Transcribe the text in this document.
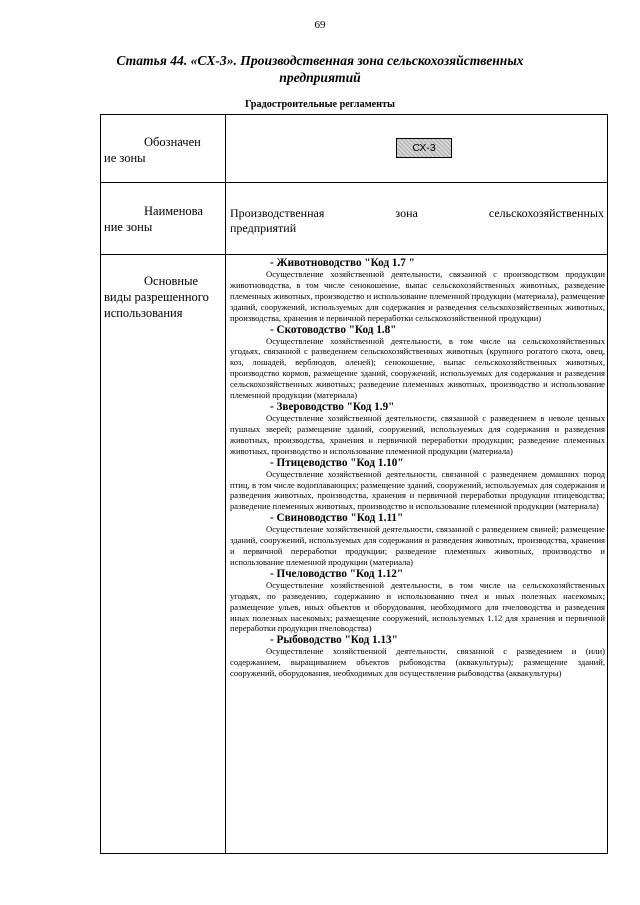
69
Статья 44. «СХ-3». Производственная зона сельскохозяйственных предприятий
Градостроительные регламенты
Обозначен
ие зоны
СХ-3
Наименова
ние зоны
Производственная зона сельскохозяйственных
предприятий
Основные
виды разрешенного использования

- Животноводство "Код 1.7 "

Осуществление хозяйственной деятельности, связанной с производством продукции животноводства, в том числе сенокошение, выпас сельскохозяйственных животных, разведение племенных животных, производство и использование племенной продукции (материала), размещение зданий, сооружений, используемых для содержания и разведения сельскохозяйственных животных, производства, хранения и первичной переработки сельскохозяйственной продукции)

- Скотоводство "Код 1.8"

Осуществление хозяйственной деятельности, в том числе на сельскохозяйственных угодьях, связанной с разведением сельскохозяйственных животных (крупного рогатого скота, овец, коз, лошадей, верблюдов, оленей); сенокошение, выпас сельскохозяйственных животных, производство кормов, размещение зданий, сооружений, используемых для содержания и разведения сельскохозяйственных животных; разведение племенных животных, производство и использование племенной продукции (материала)

- Звероводство "Код 1.9"

Осуществление хозяйственной деятельности, связанной с разведением в неволе ценных пушных зверей; размещение зданий, сооружений, используемых для содержания и разведения животных, производства, хранения и первичной переработки продукции; разведение племенных животных, производство и использование племенной продукции (материала)

- Птицеводство "Код 1.10"

Осуществление хозяйственной деятельности, связанной с разведением домашних пород птиц, в том числе водоплавающих; размещение зданий, сооружений, используемых для содержания и разведения животных, производства, хранения и первичной переработки продукции птицеводства; разведение племенных животных, производство и использование племенной продукции (материала)

- Свиноводство "Код 1.11"

Осуществление хозяйственной деятельности, связанной с разведением свиней; размещение зданий, сооружений, используемых для содержания и разведения животных, производства, хранения и первичной переработки продукции; разведение племенных животных, производство и использование племенной продукции (материала)

- Пчеловодство "Код 1.12"

Осуществление хозяйственной деятельности, в том числе на сельскохозяйственных угодьях, по разведению, содержанию и использованию пчел и иных полезных насекомых; размещение ульев, иных объектов и оборудования, необходимого для пчеловодства и разведения иных полезных насекомых; размещение сооружений, используемых 1.12 для хранения и первичной переработки продукции пчеловодства)

- Рыбоводство "Код 1.13"

Осуществление хозяйственной деятельности, связанной с разведением и (или) содержанием, выращиванием объектов рыбоводства (аквакультуры); размещение зданий, сооружений, оборудования, необходимых для осуществления рыбоводства (аквакультуры)
